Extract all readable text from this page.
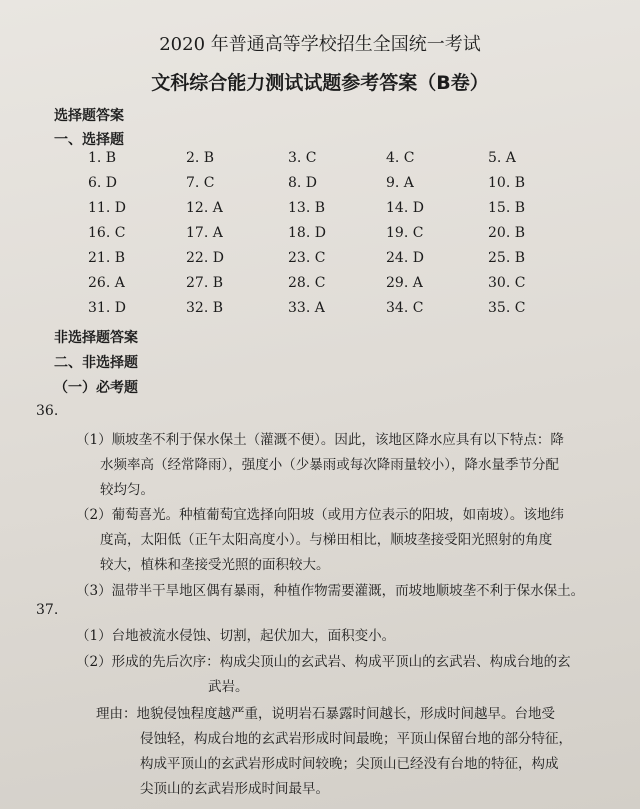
2020 年普通高等学校招生全国统一考试
文科综合能力测试试题参考答案（B卷）
选择题答案
一、选择题
1. B	2. B	3. C	4. C	5. A
6. D	7. C	8. D	9. A	10. B
11. D	12. A	13. B	14. D	15. B
16. C	17. A	18. D	19. C	20. B
21. B	22. D	23. C	24. D	25. B
26. A	27. B	28. C	29. A	30. C
31. D	32. B	33. A	34. C	35. C
非选择题答案
二、非选择题
（一）必考题
36.
（1）顺坡垄不利于保水保土（灌溉不便）。因此，该地区降水应具有以下特点：降
水频率高（经常降雨），强度小（少暴雨或每次降雨量较小），降水量季节分配
较均匀。
（2）葡萄喜光。种植葡萄宜选择向阳坡（或用方位表示的阳坡，如南坡）。该地纬
度高，太阳低（正午太阳高度小）。与梯田相比，顺坡垄接受阳光照射的角度
较大，植株和垄接受光照的面积较大。
（3）温带半干旱地区偶有暴雨，种植作物需要灌溉，而坡地顺坡垄不利于保水保土。
37.
（1）台地被流水侵蚀、切割，起伏加大，面积变小。
（2）形成的先后次序：构成尖顶山的玄武岩、构成平顶山的玄武岩、构成台地的玄
武岩。
理由：地貌侵蚀程度越严重，说明岩石暴露时间越长，形成时间越早。台地受
侵蚀轻，构成台地的玄武岩形成时间最晚；平顶山保留台地的部分特征，
构成平顶山的玄武岩形成时间较晚；尖顶山已经没有台地的特征，构成
尖顶山的玄武岩形成时间最早。
